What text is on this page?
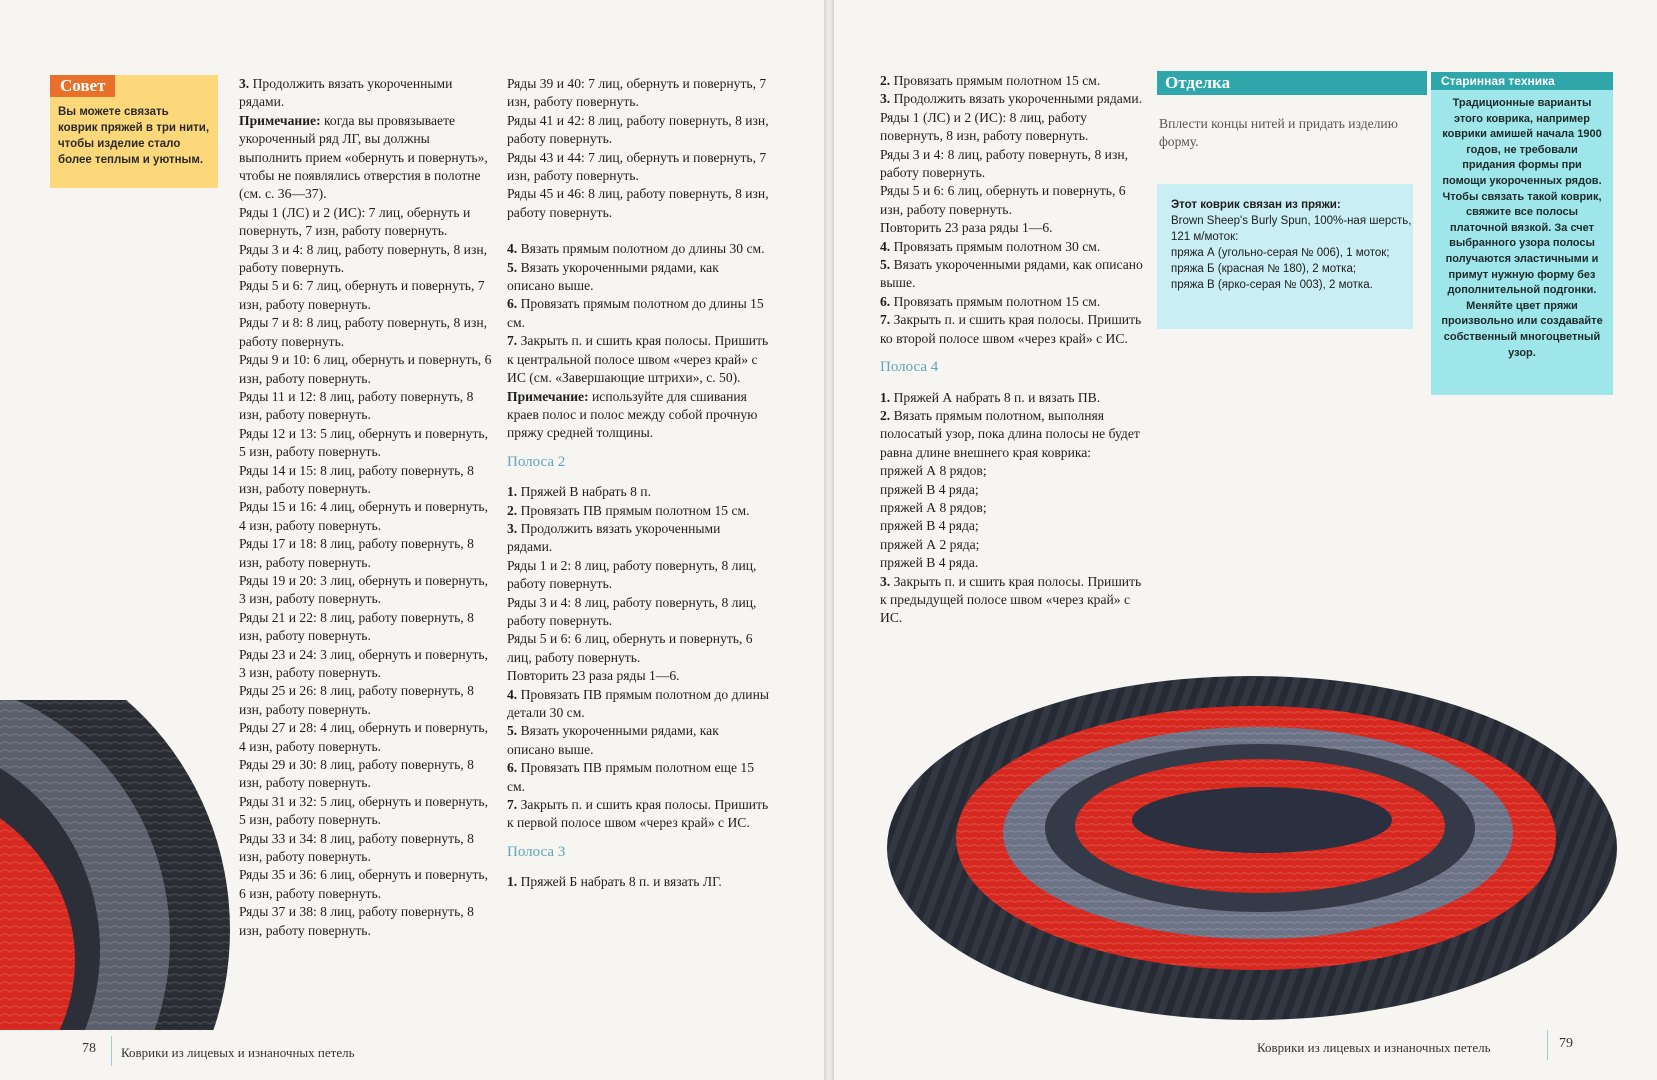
Совет
Вы можете связать коврик пряжей в три нити, чтобы изделие стало более теплым и уютным.

3. Продолжить вязать укороченными рядами.

Примечание: когда вы провязываете укороченный ряд ЛГ, вы должны выполнить прием «обернуть и повернуть», чтобы не появлялись отверстия в полотне (см. с. 36—37).

Ряды 1 (ЛС) и 2 (ИС): 7 лиц, обернуть и повернуть, 7 изн, работу повернуть.

Ряды 3 и 4: 8 лиц, работу повернуть, 8 изн, работу повернуть.

Ряды 5 и 6: 7 лиц, обернуть и повернуть, 7 изн, работу повернуть.

Ряды 7 и 8: 8 лиц, работу повернуть, 8 изн, работу повернуть.

Ряды 9 и 10: 6 лиц, обернуть и повернуть, 6 изн, работу повернуть.

Ряды 11 и 12: 8 лиц, работу повернуть, 8 изн, работу повернуть.

Ряды 12 и 13: 5 лиц, обернуть и повернуть, 5 изн, работу повернуть.

Ряды 14 и 15: 8 лиц, работу повернуть, 8 изн, работу повернуть.

Ряды 15 и 16: 4 лиц, обернуть и повернуть, 4 изн, работу повернуть.

Ряды 17 и 18: 8 лиц, работу повернуть, 8 изн, работу повернуть.

Ряды 19 и 20: 3 лиц, обернуть и повернуть, 3 изн, работу повернуть.

Ряды 21 и 22: 8 лиц, работу повернуть, 8 изн, работу повернуть.

Ряды 23 и 24: 3 лиц, обернуть и повернуть, 3 изн, работу повернуть.

Ряды 25 и 26: 8 лиц, работу повернуть, 8 изн, работу повернуть.

Ряды 27 и 28: 4 лиц, обернуть и повернуть, 4 изн, работу повернуть.

Ряды 29 и 30: 8 лиц, работу повернуть, 8 изн, работу повернуть.

Ряды 31 и 32: 5 лиц, обернуть и повернуть, 5 изн, работу повернуть.

Ряды 33 и 34: 8 лиц, работу повернуть, 8 изн, работу повернуть.

Ряды 35 и 36: 6 лиц, обернуть и повернуть, 6 изн, работу повернуть.

Ряды 37 и 38: 8 лиц, работу повернуть, 8 изн, работу повернуть.

Ряды 39 и 40: 7 лиц, обернуть и повернуть, 7 изн, работу повернуть.

Ряды 41 и 42: 8 лиц, работу повернуть, 8 изн, работу повернуть.

Ряды 43 и 44: 7 лиц, обернуть и повернуть, 7 изн, работу повернуть.

Ряды 45 и 46: 8 лиц, работу повернуть, 8 изн, работу повернуть.

4. Вязать прямым полотном до длины 30 см.

5. Вязать укороченными рядами, как описано выше.

6. Провязать прямым полотном до длины 15 см.

7. Закрыть п. и сшить края полосы. Пришить к центральной полосе швом «через край» с ИС (см. «Завершающие штрихи», с. 50).

Примечание: используйте для сшивания краев полос и полос между собой прочную пряжу средней толщины.

Полоса 2

1. Пряжей В набрать 8 п.

2. Провязать ПВ прямым полотном 15 см.

3. Продолжить вязать укороченными рядами.

Ряды 1 и 2: 8 лиц, работу повернуть, 8 лиц, работу повернуть.

Ряды 3 и 4: 8 лиц, работу повернуть, 8 лиц, работу повернуть.

Ряды 5 и 6: 6 лиц, обернуть и повернуть, 6 лиц, работу повернуть.

Повторить 23 раза ряды 1—6.

4. Провязать ПВ прямым полотном до длины детали 30 см.

5. Вязать укороченными рядами, как описано выше.

6. Провязать ПВ прямым полотном еще 15 см.

7. Закрыть п. и сшить края полосы. Пришить к первой полосе швом «через край» с ИС.

Полоса 3

1. Пряжей Б набрать 8 п. и вязать ЛГ.

2. Провязать прямым полотном 15 см.

3. Продолжить вязать укороченными рядами.

Ряды 1 (ЛС) и 2 (ИС): 8 лиц, работу повернуть, 8 изн, работу повернуть.

Ряды 3 и 4: 8 лиц, работу повернуть, 8 изн, работу повернуть.

Ряды 5 и 6: 6 лиц, обернуть и повернуть, 6 изн, работу повернуть.

Повторить 23 раза ряды 1—6.

4. Провязать прямым полотном 30 см.

5. Вязать укороченными рядами, как описано выше.

6. Провязать прямым полотном 15 см.

7. Закрыть п. и сшить края полосы. Пришить ко второй полосе швом «через край» с ИС.

Полоса 4

1. Пряжей А набрать 8 п. и вязать ПВ.

2. Вязать прямым полотном, выполняя полосатый узор, пока длина полосы не будет равна длине внешнего края коврика:

пряжей А 8 рядов;

пряжей В 4 ряда;

пряжей А 8 рядов;

пряжей В 4 ряда;

пряжей А 2 ряда;

пряжей В 4 ряда.

3. Закрыть п. и сшить края полосы. Пришить к предыдущей полосе швом «через край» с ИС.

Отделка
Вплести концы нитей и придать изделию форму.
Этот коврик связан из пряжи:
Brown Sheep's Burly Spun, 100%-ная шерсть, 121 м/моток:
пряжа А (угольно-серая № 006), 1 моток;
пряжа Б (красная № 180), 2 мотка;
пряжа В (ярко-серая № 003), 2 мотка.
Старинная техника
Традиционные варианты этого коврика, например коврики амишей начала 1900 годов, не требовали придания формы при помощи укороченных рядов. Чтобы связать такой коврик, свяжите все полосы платочной вязкой. За счет выбранного узора полосы получаются эластичными и примут нужную форму без дополнительной подгонки. Меняйте цвет пряжи произвольно или создавайте собственный многоцветный узор.
78 Коврики из лицевых и изнаночных петель	Коврики из лицевых и изнаночных петель	79
